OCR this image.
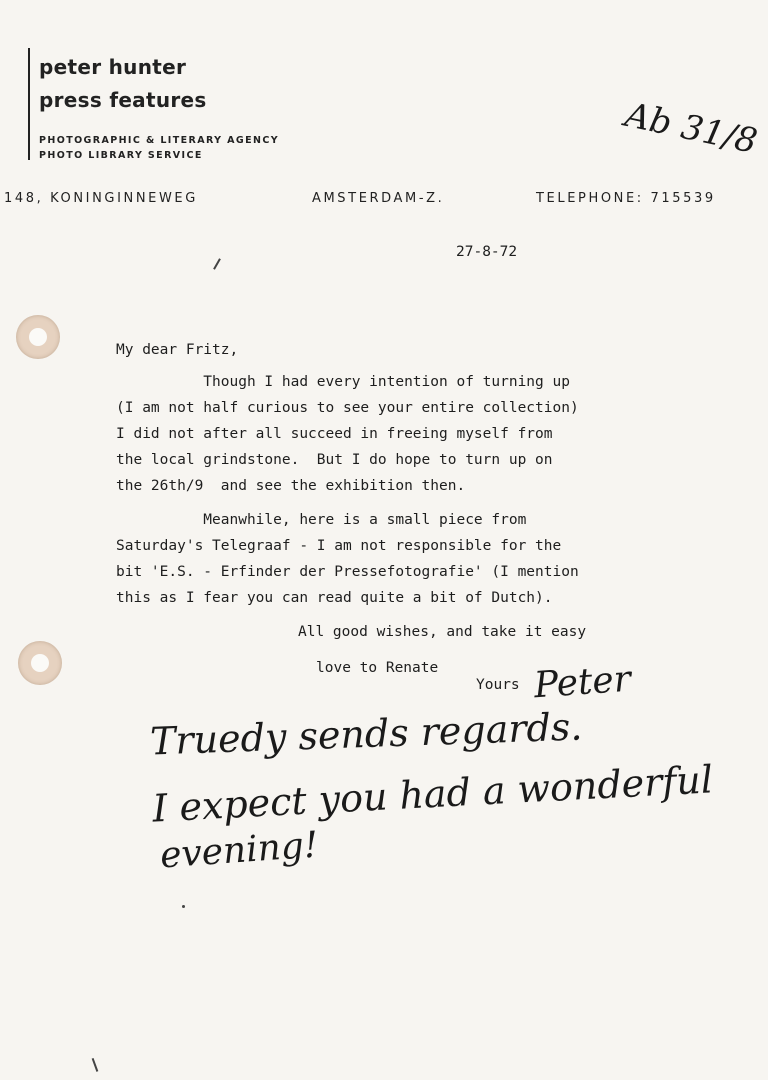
peter hunter
press features
PHOTOGRAPHIC & LITERARY AGENCY
PHOTO LIBRARY SERVICE	Ab 31/8
148, KONINGINNEWEG	AMSTERDAM-Z.	TELEPHONE: 715539
27-8-72
My dear Fritz,
Though I had every intention of turning up
(I am not half curious to see your entire collection)
I did not after all succeed in freeing myself from
the local grindstone.  But I do hope to turn up on
the 26th/9  and see the exhibition then.
Meanwhile, here is a small piece from
Saturday's Telegraaf - I am not responsible for the
bit 'E.S. - Erfinder der Pressefotografie' (I mention
this as I fear you can read quite a bit of Dutch).
All good wishes, and take it easy
love to Renate
Yours Peter
Truedy sends regards.
I expect you had a wonderful
evening!
